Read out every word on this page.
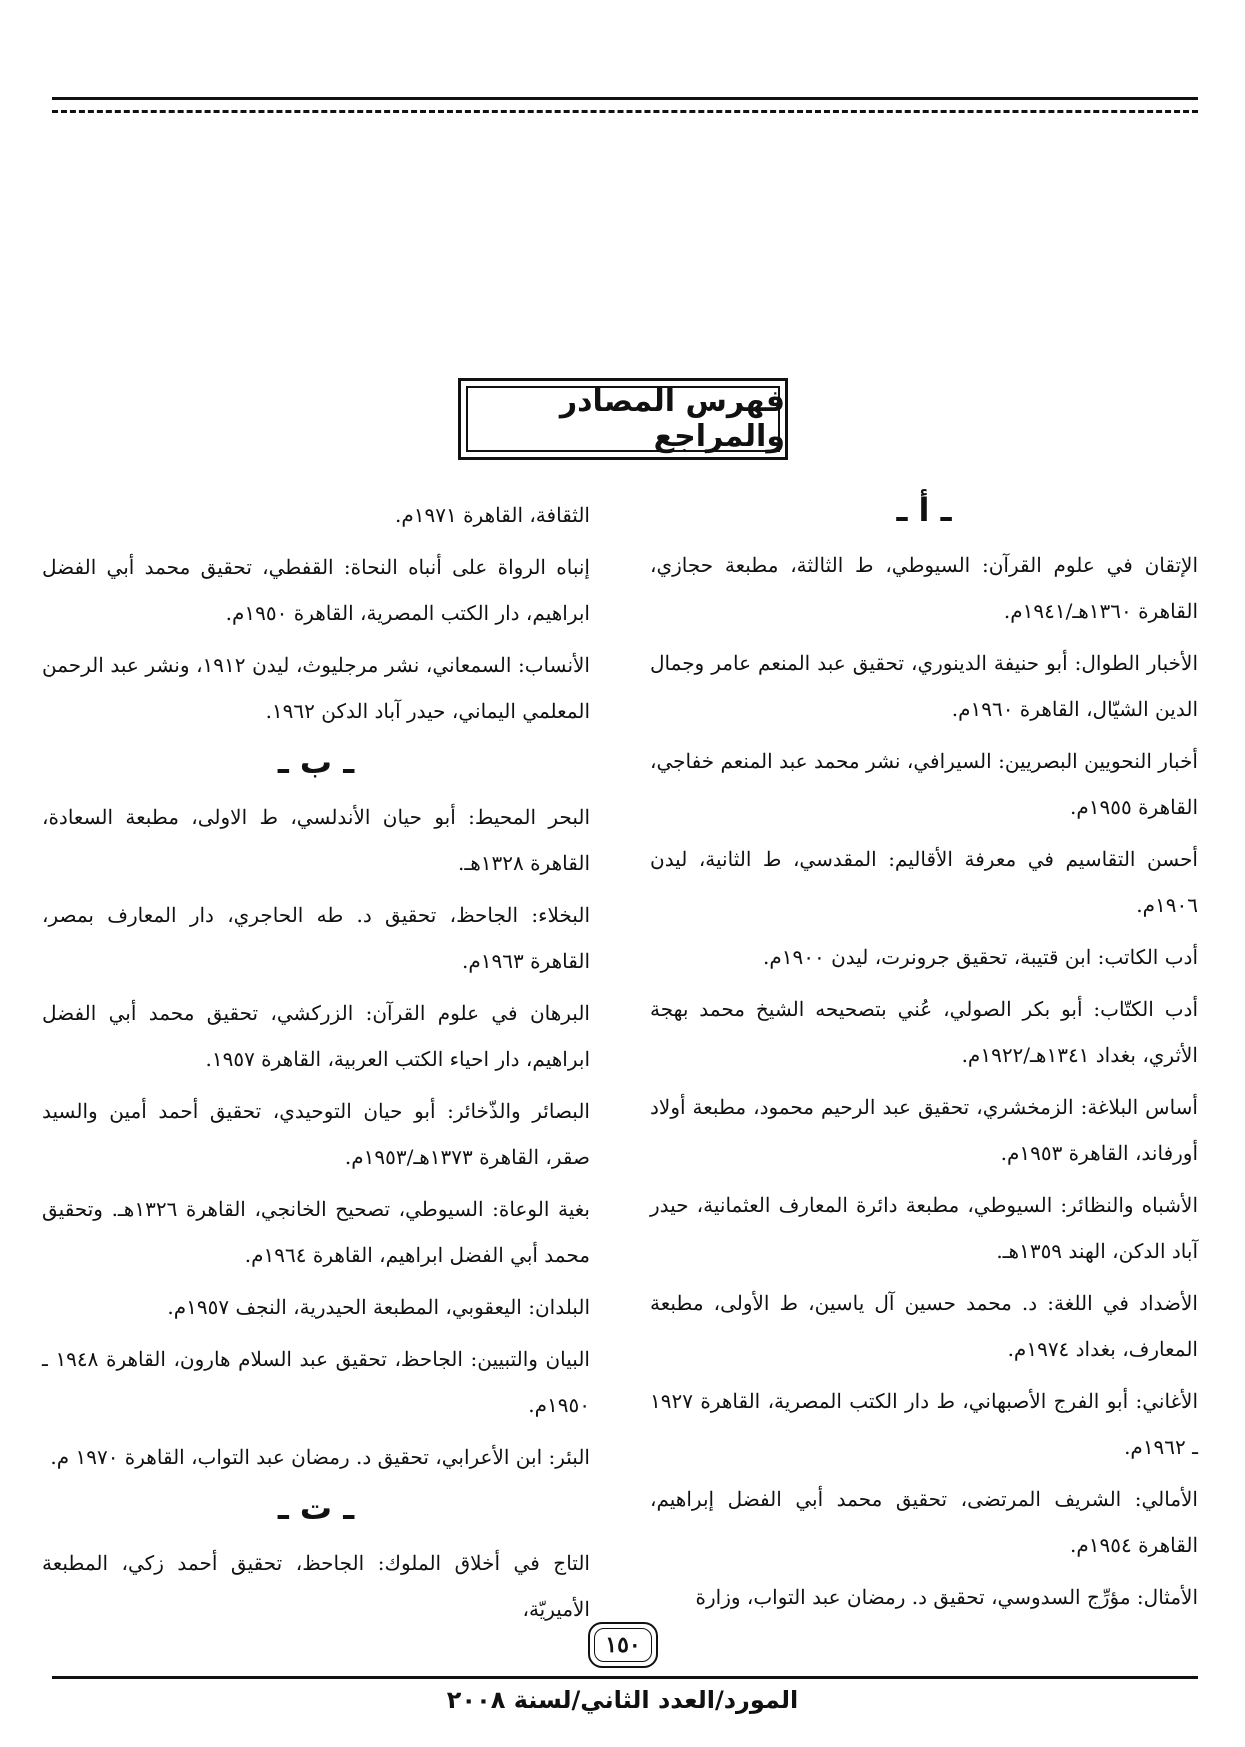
فهرس المصادر والمراجع

ـ أ ـ

الإتقان في علوم القرآن: السيوطي، ط الثالثة، مطبعة حجازي، القاهرة ١٣٦٠هـ/١٩٤١م.

الأخبار الطوال: أبو حنيفة الدينوري، تحقيق عبد المنعم عامر وجمال الدين الشيّال، القاهرة ١٩٦٠م.

أخبار النحويين البصريين: السيرافي، نشر محمد عبد المنعم خفاجي، القاهرة ١٩٥٥م.

أحسن التقاسيم في معرفة الأقاليم: المقدسي، ط الثانية، ليدن ١٩٠٦م.

أدب الكاتب: ابن قتيبة، تحقيق جرونرت، ليدن ١٩٠٠م.

أدب الكتّاب: أبو بكر الصولي، عُني بتصحيحه الشيخ محمد بهجة الأثري، بغداد ١٣٤١هـ/١٩٢٢م.

أساس البلاغة: الزمخشري، تحقيق عبد الرحيم محمود، مطبعة أولاد أورفاند، القاهرة ١٩٥٣م.

الأشباه والنظائر: السيوطي، مطبعة دائرة المعارف العثمانية، حيدر آباد الدكن، الهند ١٣٥٩هـ.

الأضداد في اللغة: د. محمد حسين آل ياسين، ط الأولى، مطبعة المعارف، بغداد ١٩٧٤م.

الأغاني: أبو الفرج الأصبهاني، ط دار الكتب المصرية، القاهرة ١٩٢٧ ـ ١٩٦٢م.

الأمالي: الشريف المرتضى، تحقيق محمد أبي الفضل إبراهيم، القاهرة ١٩٥٤م.

الأمثال: مؤرِّج السدوسي، تحقيق د. رمضان عبد التواب، وزارة

الثقافة، القاهرة ١٩٧١م.

إنباه الرواة على أنباه النحاة: القفطي، تحقيق محمد أبي الفضل ابراهيم، دار الكتب المصرية، القاهرة ١٩٥٠م.

الأنساب: السمعاني، نشر مرجليوث، ليدن ١٩١٢، ونشر عبد الرحمن المعلمي اليماني، حيدر آباد الدكن ١٩٦٢.

ـ ب ـ

البحر المحيط: أبو حيان الأندلسي، ط الاولى، مطبعة السعادة، القاهرة ١٣٢٨هـ.

البخلاء: الجاحظ، تحقيق د. طه الحاجري، دار المعارف بمصر، القاهرة ١٩٦٣م.

البرهان في علوم القرآن: الزركشي، تحقيق محمد أبي الفضل ابراهيم، دار احياء الكتب العربية، القاهرة ١٩٥٧.

البصائر والذّخائر: أبو حيان التوحيدي، تحقيق أحمد أمين والسيد صقر، القاهرة ١٣٧٣هـ/١٩٥٣م.

بغية الوعاة: السيوطي، تصحيح الخانجي، القاهرة ١٣٢٦هـ. وتحقيق محمد أبي الفضل ابراهيم، القاهرة ١٩٦٤م.

البلدان: اليعقوبي، المطبعة الحيدرية، النجف ١٩٥٧م.

البيان والتبيين: الجاحظ، تحقيق عبد السلام هارون، القاهرة ١٩٤٨ ـ ١٩٥٠م.

البئر: ابن الأعرابي، تحقيق د. رمضان عبد التواب، القاهرة ١٩٧٠ م.

ـ ت ـ

التاج في أخلاق الملوك: الجاحظ، تحقيق أحمد زكي، المطبعة الأميريّة،

١٥٠
المورد/العدد الثاني/لسنة ٢٠٠٨
